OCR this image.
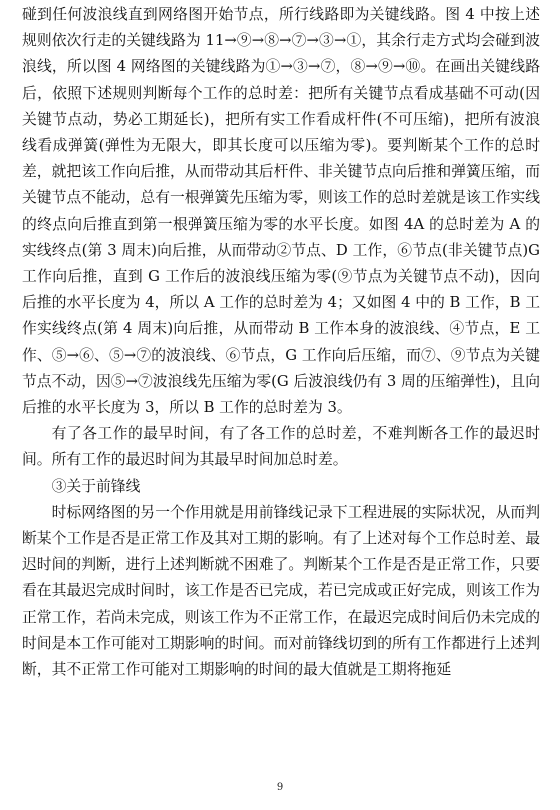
碰到任何波浪线直到网络图开始节点，所行线路即为关键线路。图 4 中按上述规则依次行走的关键线路为 11→⑨→⑧→⑦→③→①，其余行走方式均会碰到波浪线，所以图 4 网络图的关键线路为①→③→⑦，⑧→⑨→⑩。在画出关键线路后，依照下述规则判断每个工作的总时差：把所有关键节点看成基础不可动(因关键节点动，势必工期延长)，把所有实工作看成杆件(不可压缩)，把所有波浪线看成弹簧(弹性为无限大，即其长度可以压缩为零)。要判断某个工作的总时差，就把该工作向后推，从而带动其后杆件、非关键节点向后推和弹簧压缩，而关键节点不能动，总有一根弹簧先压缩为零，则该工作的总时差就是该工作实线的终点向后推直到第一根弹簧压缩为零的水平长度。如图 4A 的总时差为 A 的实线终点(第 3 周末)向后推，从而带动②节点、D 工作，⑥节点(非关键节点)G 工作向后推，直到 G 工作后的波浪线压缩为零(⑨节点为关键节点不动)，因向后推的水平长度为 4，所以 A 工作的总时差为 4；又如图 4 中的 B 工作，B 工作实线终点(第 4 周末)向后推，从而带动 B 工作本身的波浪线、④节点，E 工作、⑤→⑥、⑤→⑦的波浪线、⑥节点，G 工作向后压缩，而⑦、⑨节点为关键节点不动，因⑤→⑦波浪线先压缩为零(G 后波浪线仍有 3 周的压缩弹性)，且向后推的水平长度为 3，所以 B 工作的总时差为 3。

有了各工作的最早时间，有了各工作的总时差，不难判断各工作的最迟时间。所有工作的最迟时间为其最早时间加总时差。

③关于前锋线

时标网络图的另一个作用就是用前锋线记录下工程进展的实际状况，从而判断某个工作是否是正常工作及其对工期的影响。有了上述对每个工作总时差、最迟时间的判断，进行上述判断就不困难了。判断某个工作是否是正常工作，只要看在其最迟完成时间时，该工作是否已完成，若已完成或正好完成，则该工作为正常工作，若尚未完成，则该工作为不正常工作，在最迟完成时间后仍未完成的时间是本工作可能对工期影响的时间。而对前锋线切到的所有工作都进行上述判断，其不正常工作可能对工期影响的时间的最大值就是工期将拖延

9
